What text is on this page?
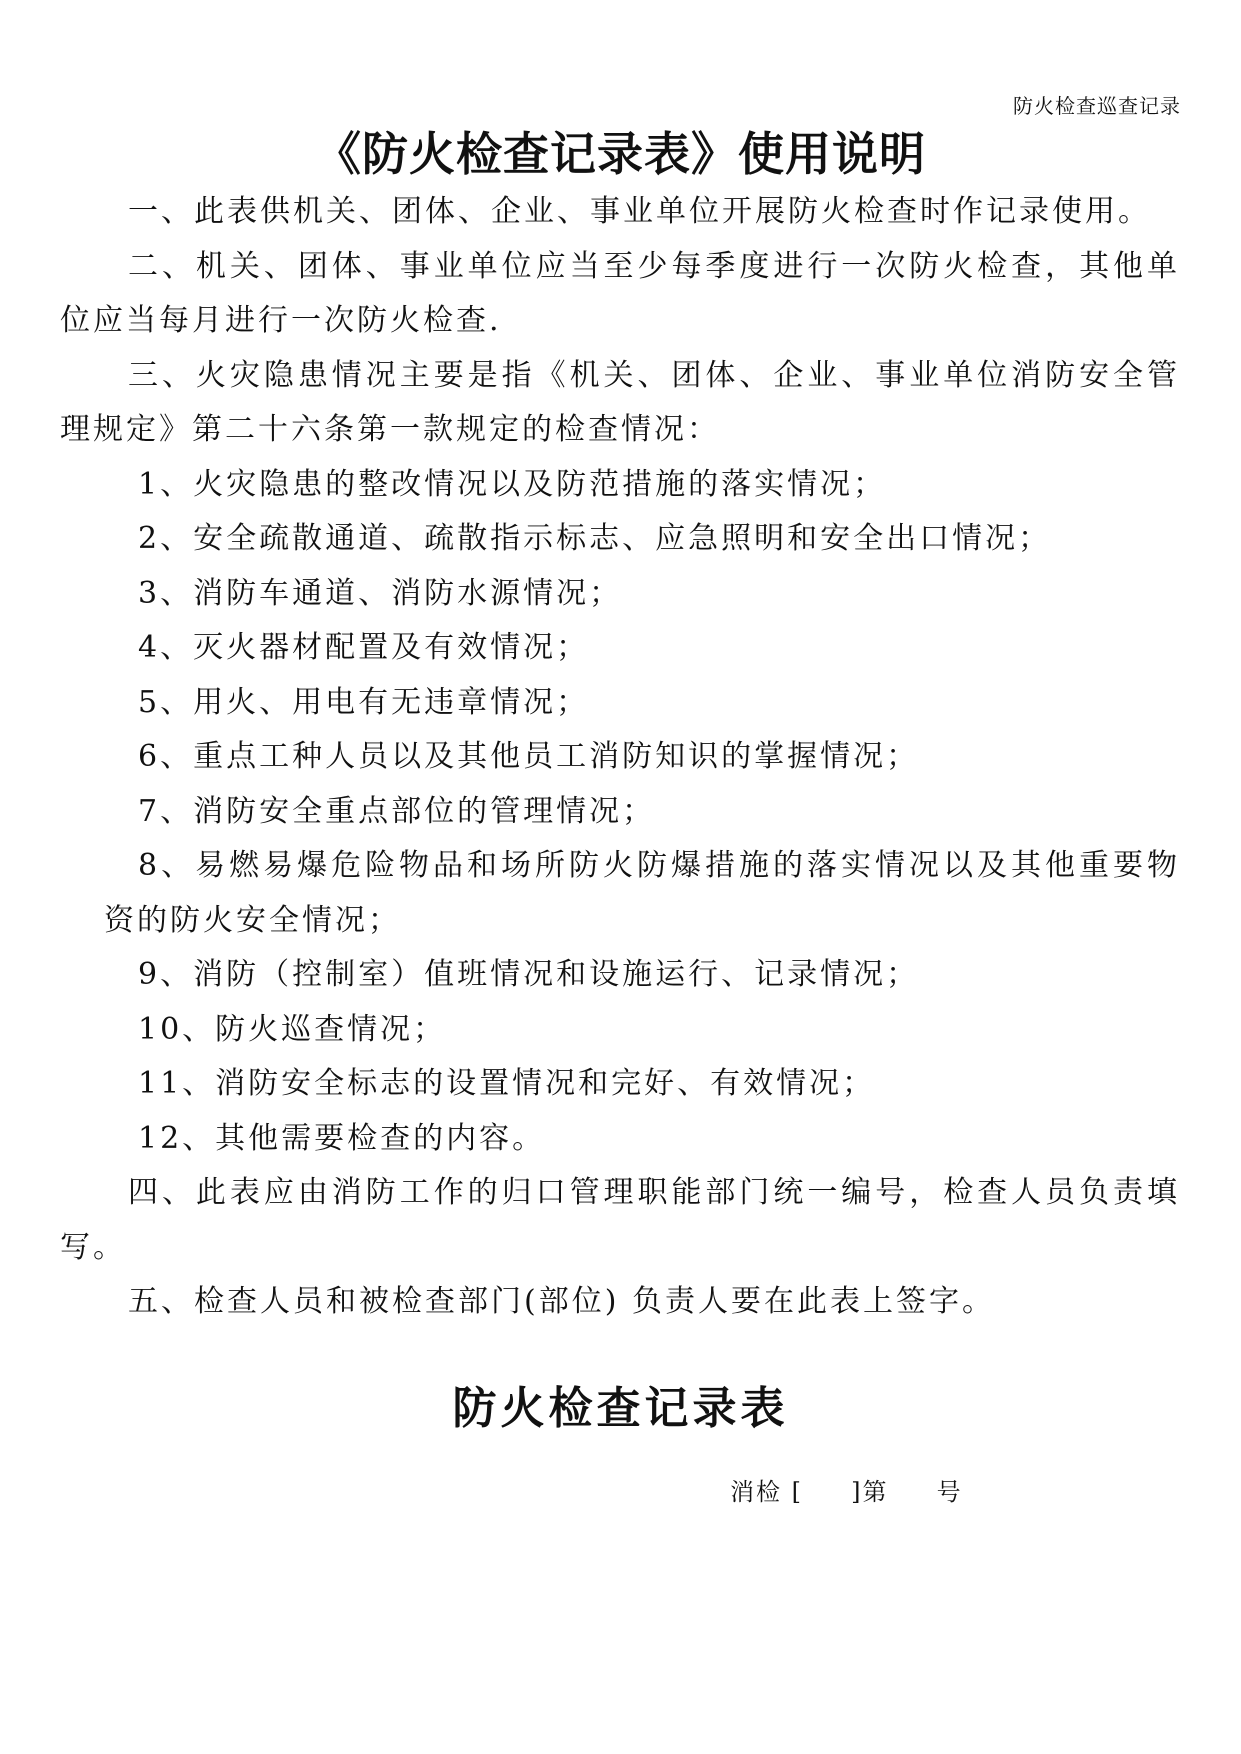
防火检查巡查记录
《防火检查记录表》使用说明

一、此表供机关、团体、企业、事业单位开展防火检查时作记录使用。

二、机关、团体、事业单位应当至少每季度进行一次防火检查，其他单位应当每月进行一次防火检查.

三、火灾隐患情况主要是指《机关、团体、企业、事业单位消防安全管理规定》第二十六条第一款规定的检查情况：

1、火灾隐患的整改情况以及防范措施的落实情况；

2、安全疏散通道、疏散指示标志、应急照明和安全出口情况；

3、消防车通道、消防水源情况；

4、灭火器材配置及有效情况；

5、用火、用电有无违章情况；

6、重点工种人员以及其他员工消防知识的掌握情况；

7、消防安全重点部位的管理情况；

8、易燃易爆危险物品和场所防火防爆措施的落实情况以及其他重要物资的防火安全情况；

9、消防（控制室）值班情况和设施运行、记录情况；

10、防火巡查情况；

11、消防安全标志的设置情况和完好、有效情况；

12、其他需要检查的内容。

四、此表应由消防工作的归口管理职能部门统一编号，检查人员负责填写。

五、检查人员和被检查部门(部位) 负责人要在此表上签字。

防火检查记录表
消检 [     ]第     号
